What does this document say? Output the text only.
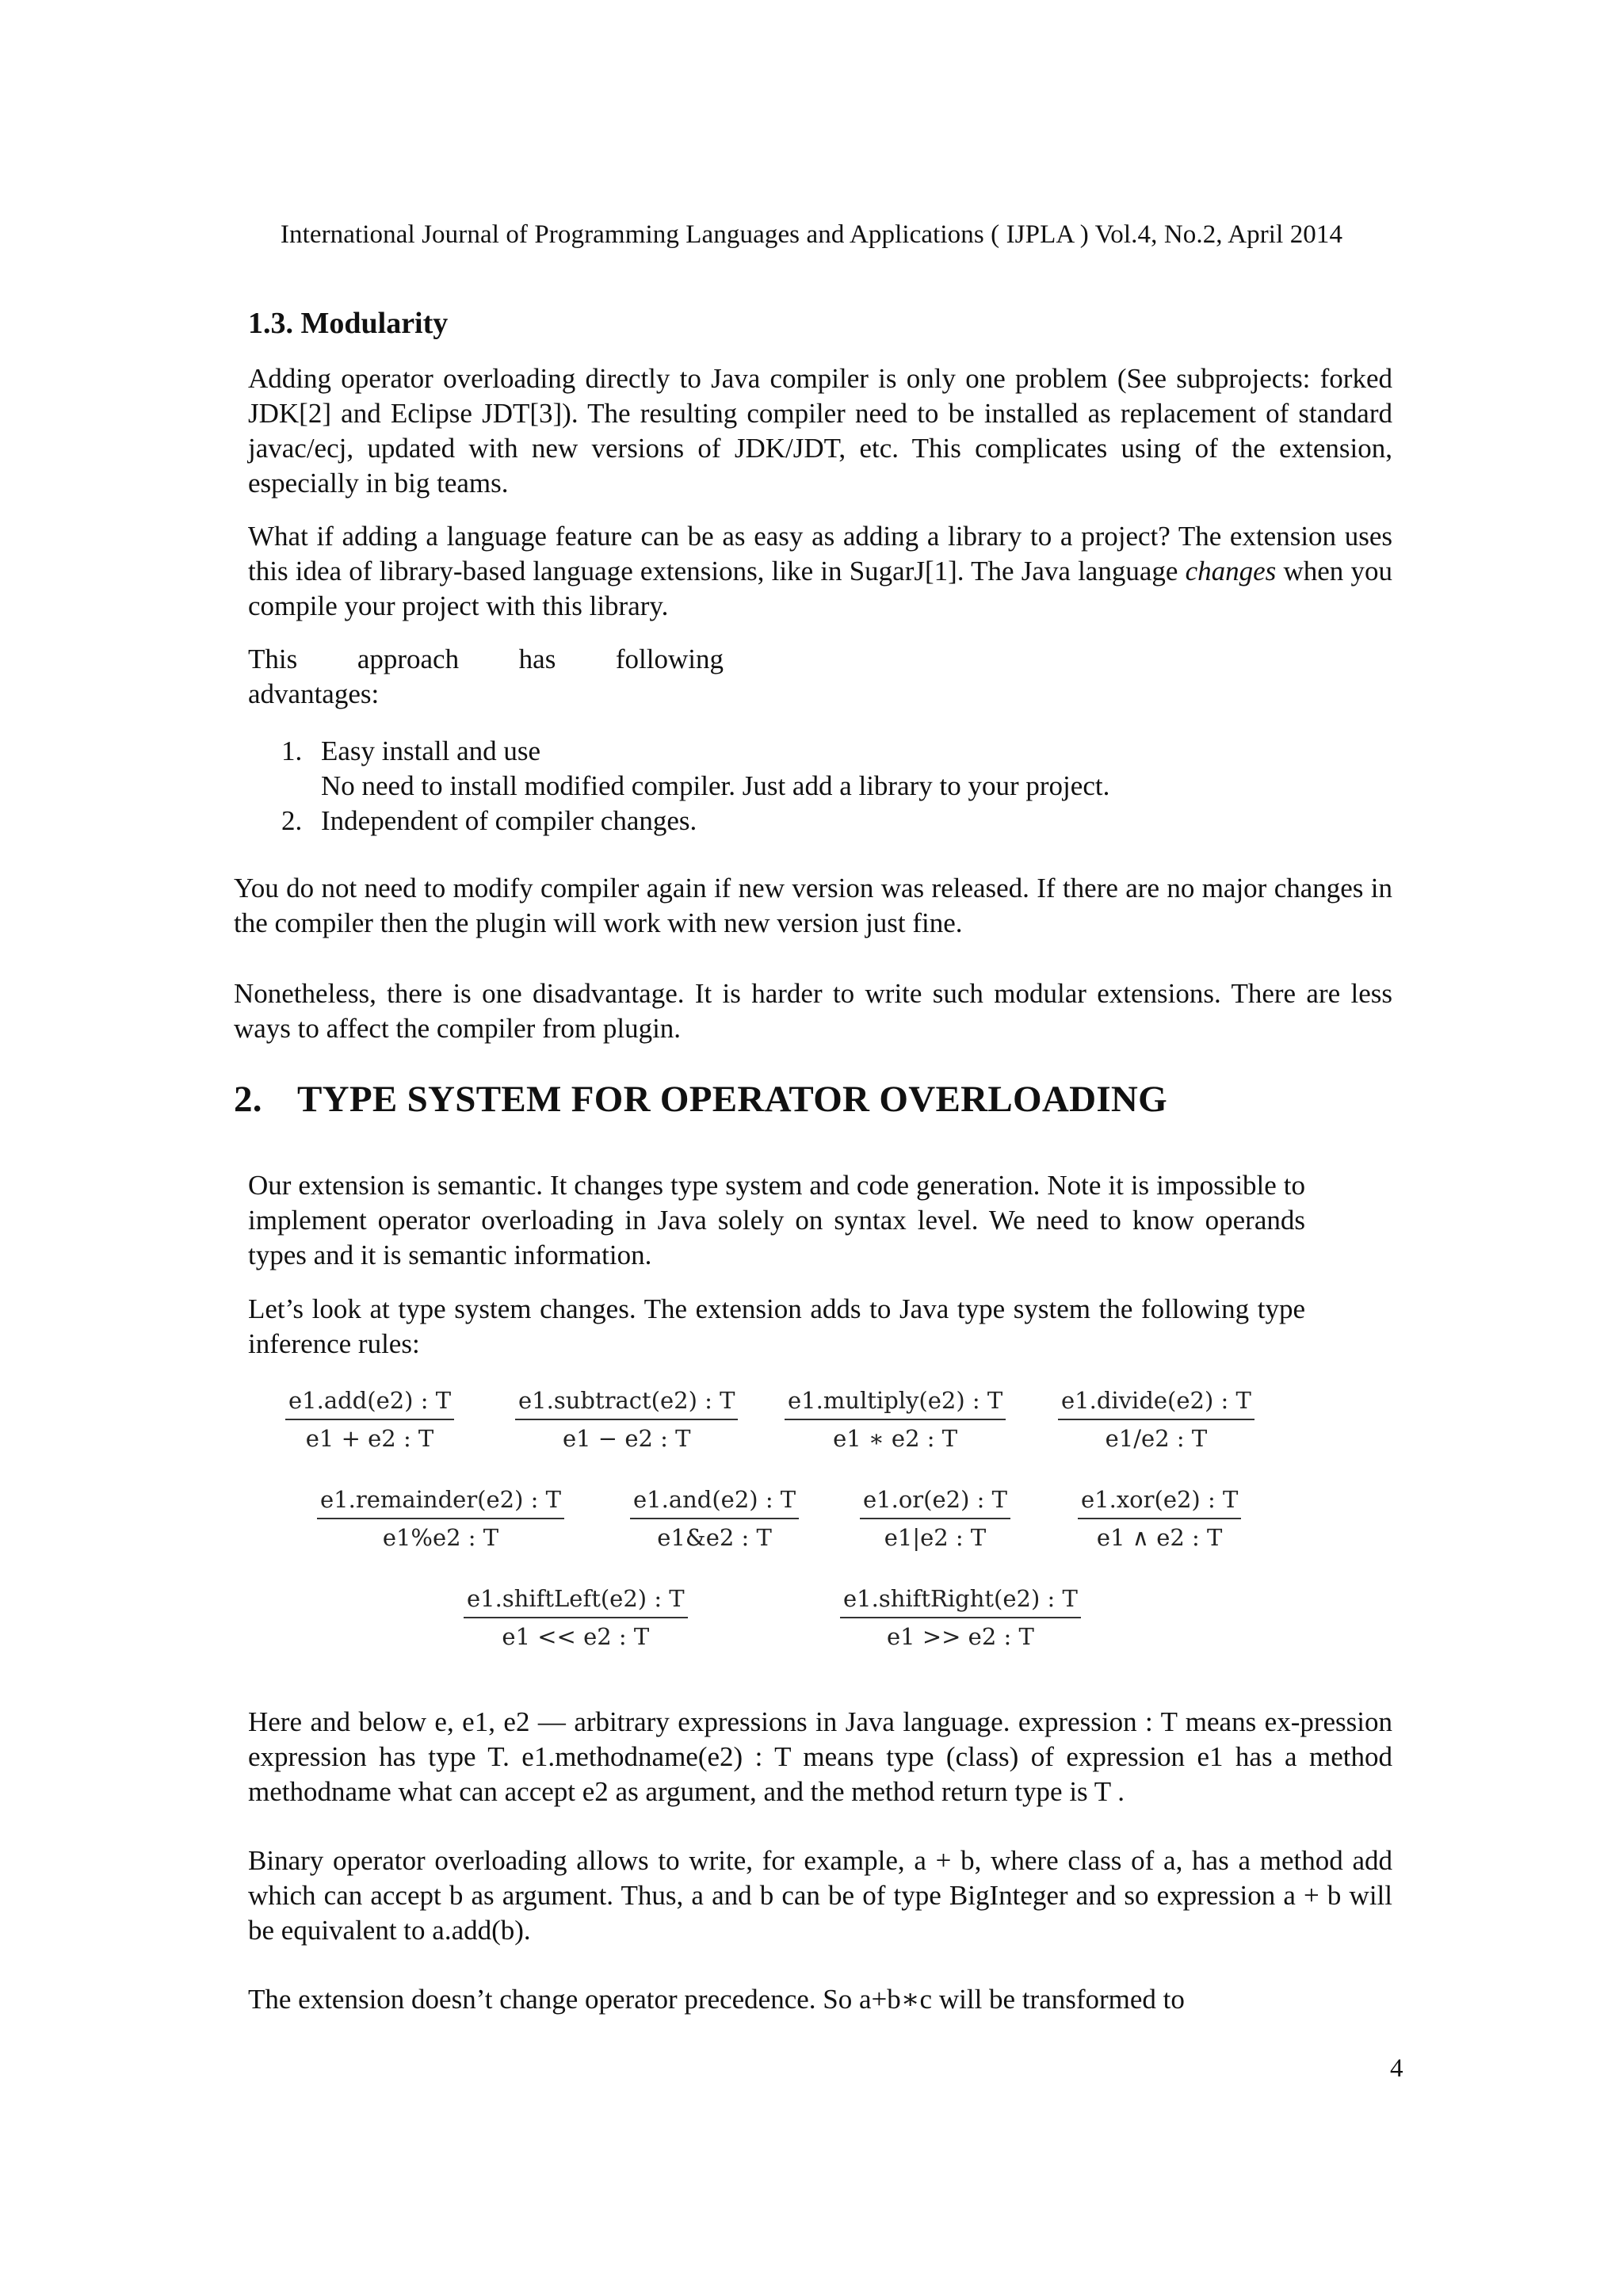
International Journal of Programming Languages and Applications ( IJPLA ) Vol.4, No.2, April 2014
1.3. Modularity

Adding operator overloading directly to Java compiler is only one problem (See subprojects: forked JDK[2] and Eclipse JDT[3]). The resulting compiler need to be installed as replacement of standard javac/ecj, updated with new versions of JDK/JDT, etc. This complicates using of the extension, especially in big teams.

What if adding a language feature can be as easy as adding a library to a project? The extension uses this idea of library-based language extensions, like in SugarJ[1]. The Java language changes when you compile your project with this library.

This approach has following
advantages:
1. Easy install and use
No need to install modified compiler. Just add a library to your project.
2. Independent of compiler changes.

You do not need to modify compiler again if new version was released. If there are no major changes in the compiler then the plugin will work with new version just fine.

Nonetheless, there is one disadvantage. It is harder to write such modular extensions. There are less ways to affect the compiler from plugin.

2. TYPE SYSTEM FOR OPERATOR OVERLOADING

Our extension is semantic. It changes type system and code generation. Note it is impossible to implement operator overloading in Java solely on syntax level. We need to know operands types and it is semantic information.

Let’s look at type system changes. The extension adds to Java type system the following type inference rules:

e1.add(e2) : T
e1 + e2 : T
e1.subtract(e2) : T
e1 − e2 : T
e1.multiply(e2) : T
e1 ∗ e2 : T
e1.divide(e2) : T
e1/e2 : T
e1.remainder(e2) : T
e1%e2 : T
e1.and(e2) : T
e1&e2 : T	$\frac{e1.or(e2) : T}{e1|e2 : T}$	e1.xor(e2) : T
e1 ∧ e2 : T
e1.shiftLeft(e2) : T
e1 << e2 : T
e1.shiftRight(e2) : T
e1 >> e2 : T

Here and below e, e1, e2 — arbitrary expressions in Java language. expression : T means ex-pression expression has type T. e1.methodname(e2) : T means type (class) of expression e1 has a method methodname what can accept e2 as argument, and the method return type is T .

Binary operator overloading allows to write, for example, a + b, where class of a, has a method add which can accept b as argument. Thus, a and b can be of type BigInteger and so expression a + b will be equivalent to a.add(b).

The extension doesn’t change operator precedence. So a+b∗c will be transformed to

4
